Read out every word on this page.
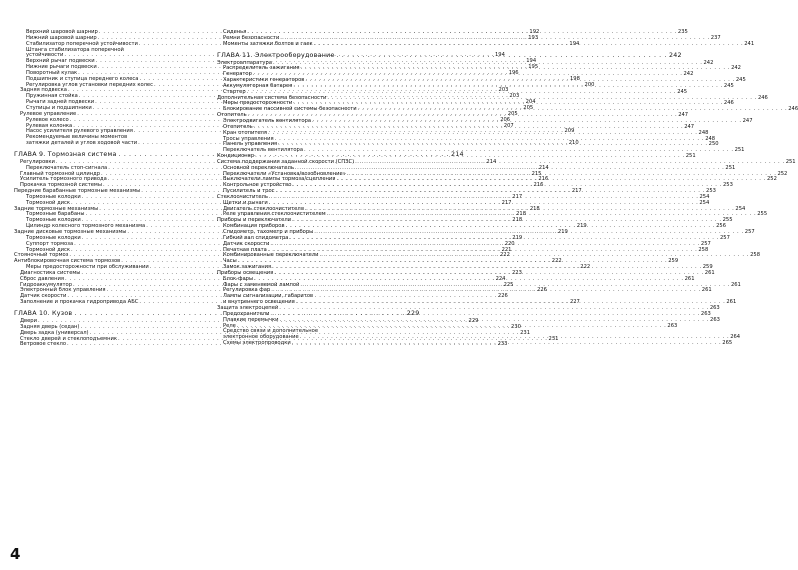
Верхний шаровой шарнир . . .	192
Нижний шаровой шарнир . . .	193
Стабилизатор поперечной устойчивости . . .	194
Штанга стабилизатора поперечной
устойчивости . . .	194
Верхний рычаг подвески . . .	194
Нижние рычаги подвески . . .	195
Поворотный кулак . . .	196
Подшипник и ступица переднего колеса . . .	198
Регулировка углов установки передних колес . . .	200
Задняя подвеска . . .	203
Пружинная стойка . . .	203
Рычаги задней подвески . . .	204
Ступицы и подшипники . . .	205
Рулевое управление . . .	205
Рулевое колесо . . .	206
Рулевая колонка . . .	207
Насос усилителя рулевого управления . . .	209
Рекомендуемые величины моментов
затяжки деталей и углов ходовой части . . .	210
ГЛАВА 9. Тормозная система . . .	214
Регулировки . . .	214
Переключатель стоп-сигнала . . .	214
Главный тормозной цилиндр . . .	215
Усилитель тормозного привода . . .	216
Прокачка тормозной системы . . .	216
Передние барабанные тормозные механизмы . . .	217
Тормозные колодки . . .	217
Тормозной диск . . .	217
Задние тормозные механизмы . . .	218
Тормозные барабаны . . .	218
Тормозные колодки . . .	218
Цилиндр колесного тормозного механизма . . .	219
Задние дисковые тормозные механизмы . . .	219
Тормозные колодки . . .	219
Суппорт тормоза . . .	220
Тормозной диск . . .	221
Стояночный тормоз . . .	222
Антиблокировочная система тормозов . . .	222
Меры предосторожности при обслуживании . . .	222
Диагностика системы . . .	223
Сброс давления . . .	224
Гидроаккумулятор . . .	225
Электронный блок управления . . .	226
Датчик скорости . . .	226
Заполнение и прокачка гидропривода АБС . . .	227
ГЛАВА 10. Кузов . . .	229
Двери . . .	229
Задняя дверь (седан) . . .	230
Дверь задка (универсал) . . .	231
Стекло дверей и стеклоподъемник . . .	231
Ветровое стекло . . .	233
Сиденья . . .	235
Ремни безопасности . . .	237
Моменты затяжки болтов и гаек . . .	241
ГЛАВА 11. Электрооборудование . . .	242
Электроаппаратура . . .	242
Распределитель зажигания . . .	242
Генератор . . .	242
Характеристики генераторов . . .	245
Аккумуляторная батарея . . .	245
Стартер . . .	245
Дополнительная система безопасности . . .	246
Меры предосторожности . . .	246
Блокирование пассивной системы безопасности . . .	246
Отопитель . . .	247
Электродвигатель вентилятора . . .	247
Отопитель . . .	247
Кран отопителя . . .	248
Тросы управления . . .	248
Панель управления . . .	250
Переключатель вентилятора . . .	251
Кондиционер . . .	251
Система поддержания заданной скорости (СПЗС) . . .	251
Основной переключатель . . .	251
Переключатели «Установка/возобновление» . . .	252
Выключатели лампы тормоза/сцепления . . .	252
Контрольное устройство . . .	253
Пусилитель и трос . . .	253
Стеклоочиститель . . .	254
Щетки и рычаги . . .	254
Двигатель стеклоочистителя . . .	254
Реле управления стеклоочистителем . . .	255
Приборы и переключатели . . .	255
Комбинация приборов . . .	256
Спидометр, тахометр и приборы . . .	257
Гибкий вал спидометра . . .	257
Датчик скорости . . .	257
Печатная плата . . .	258
Комбинированные переключатели . . .	258
Часы . . .	259
Замок зажигания . . .	259
Приборы освещения . . .	261
Блок-фары . . .	261
Фары с заменяемой лампой . . .	261
Регулировка фар . . .	261
Лампы сигнализации, габаритов
и внутреннего освещения . . .	261
Защита электроцепей . . .	263
Предохранители . . .	263
Плавкие перемычки . . .	263
Реле . . .	263
Средство связи и дополнительное
электронное оборудование . . .	264
Схемы электропроводки . . .	265
4
